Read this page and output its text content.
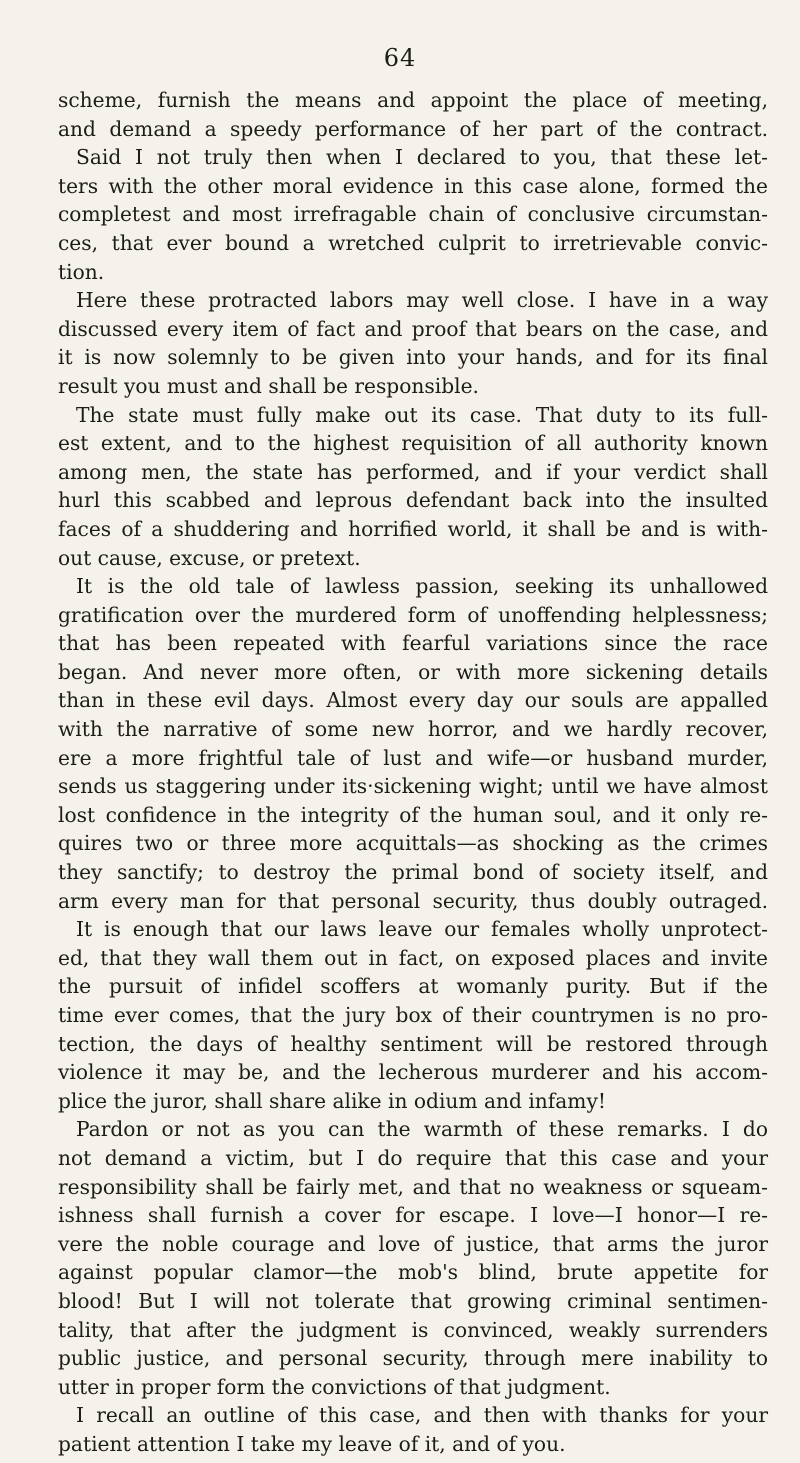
64
scheme, furnish the means and appoint the place of meeting,
and demand a speedy performance of her part of the contract.
Said I not truly then when I declared to you, that these let-
ters with the other moral evidence in this case alone, formed the
completest and most irrefragable chain of conclusive circumstan-
ces, that ever bound a wretched culprit to irretrievable convic-
tion.
Here these protracted labors may well close. I have in a way
discussed every item of fact and proof that bears on the case, and
it is now solemnly to be given into your hands, and for its final
result you must and shall be responsible.
The state must fully make out its case. That duty to its full-
est extent, and to the highest requisition of all authority known
among men, the state has performed, and if your verdict shall
hurl this scabbed and leprous defendant back into the insulted
faces of a shuddering and horrified world, it shall be and is with-
out cause, excuse, or pretext.
It is the old tale of lawless passion, seeking its unhallowed
gratification over the murdered form of unoffending helplessness;
that has been repeated with fearful variations since the race
began. And never more often, or with more sickening details
than in these evil days. Almost every day our souls are appalled
with the narrative of some new horror, and we hardly recover,
ere a more frightful tale of lust and wife—or husband murder,
sends us staggering under its·sickening wight; until we have almost
lost confidence in the integrity of the human soul, and it only re-
quires two or three more acquittals—as shocking as the crimes
they sanctify; to destroy the primal bond of society itself, and
arm every man for that personal security, thus doubly outraged.
It is enough that our laws leave our females wholly unprotect-
ed, that they wall them out in fact, on exposed places and invite
the pursuit of infidel scoffers at womanly purity. But if the
time ever comes, that the jury box of their countrymen is no pro-
tection, the days of healthy sentiment will be restored through
violence it may be, and the lecherous murderer and his accom-
plice the juror, shall share alike in odium and infamy!
Pardon or not as you can the warmth of these remarks. I do
not demand a victim, but I do require that this case and your
responsibility shall be fairly met, and that no weakness or squeam-
ishness shall furnish a cover for escape. I love—I honor—I re-
vere the noble courage and love of justice, that arms the juror
against popular clamor—the mob's blind, brute appetite for
blood! But I will not tolerate that growing criminal sentimen-
tality, that after the judgment is convinced, weakly surrenders
public justice, and personal security, through mere inability to
utter in proper form the convictions of that judgment.
I recall an outline of this case, and then with thanks for your
patient attention I take my leave of it, and of you.
